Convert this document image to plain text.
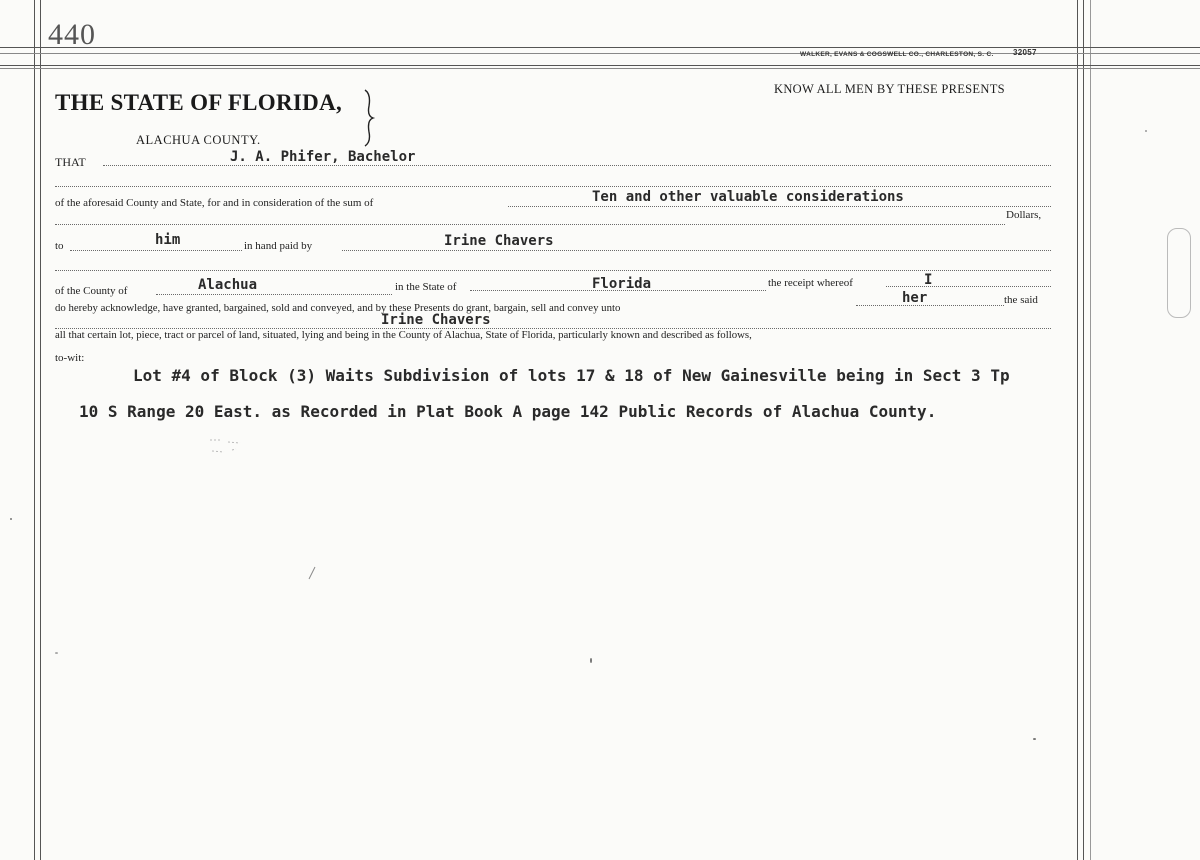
440
WALKER, EVANS & COGSWELL CO., CHARLESTON, S. C. 32057
THE STATE OF FLORIDA,
ALACHUA COUNTY.
KNOW ALL MEN BY THESE PRESENTS
THAT	J. A. Phifer, Bachelor
of the aforesaid County and State, for and in consideration of the sum of	Ten and other valuable considerations
Dollars,
to	him	in hand paid by	Irine Chavers
of the County of	Alachua	in the State of	Florida	the receipt whereof	I
do hereby acknowledge, have granted, bargained, sold and conveyed, and by these Presents do grant, bargain, sell and convey unto
her	the said
Irine Chavers
all that certain lot, piece, tract or parcel of land, situated, lying and being in the County of Alachua, State of Florida, particularly known and described as follows,
to-wit:
Lot #4 of Block (3) Waits Subdivision of lots 17 & 18 of New Gainesville being in Sect 3 Tp
10 S Range 20 East. as Recorded in Plat Book A page 142 Public Records of Alachua County.
